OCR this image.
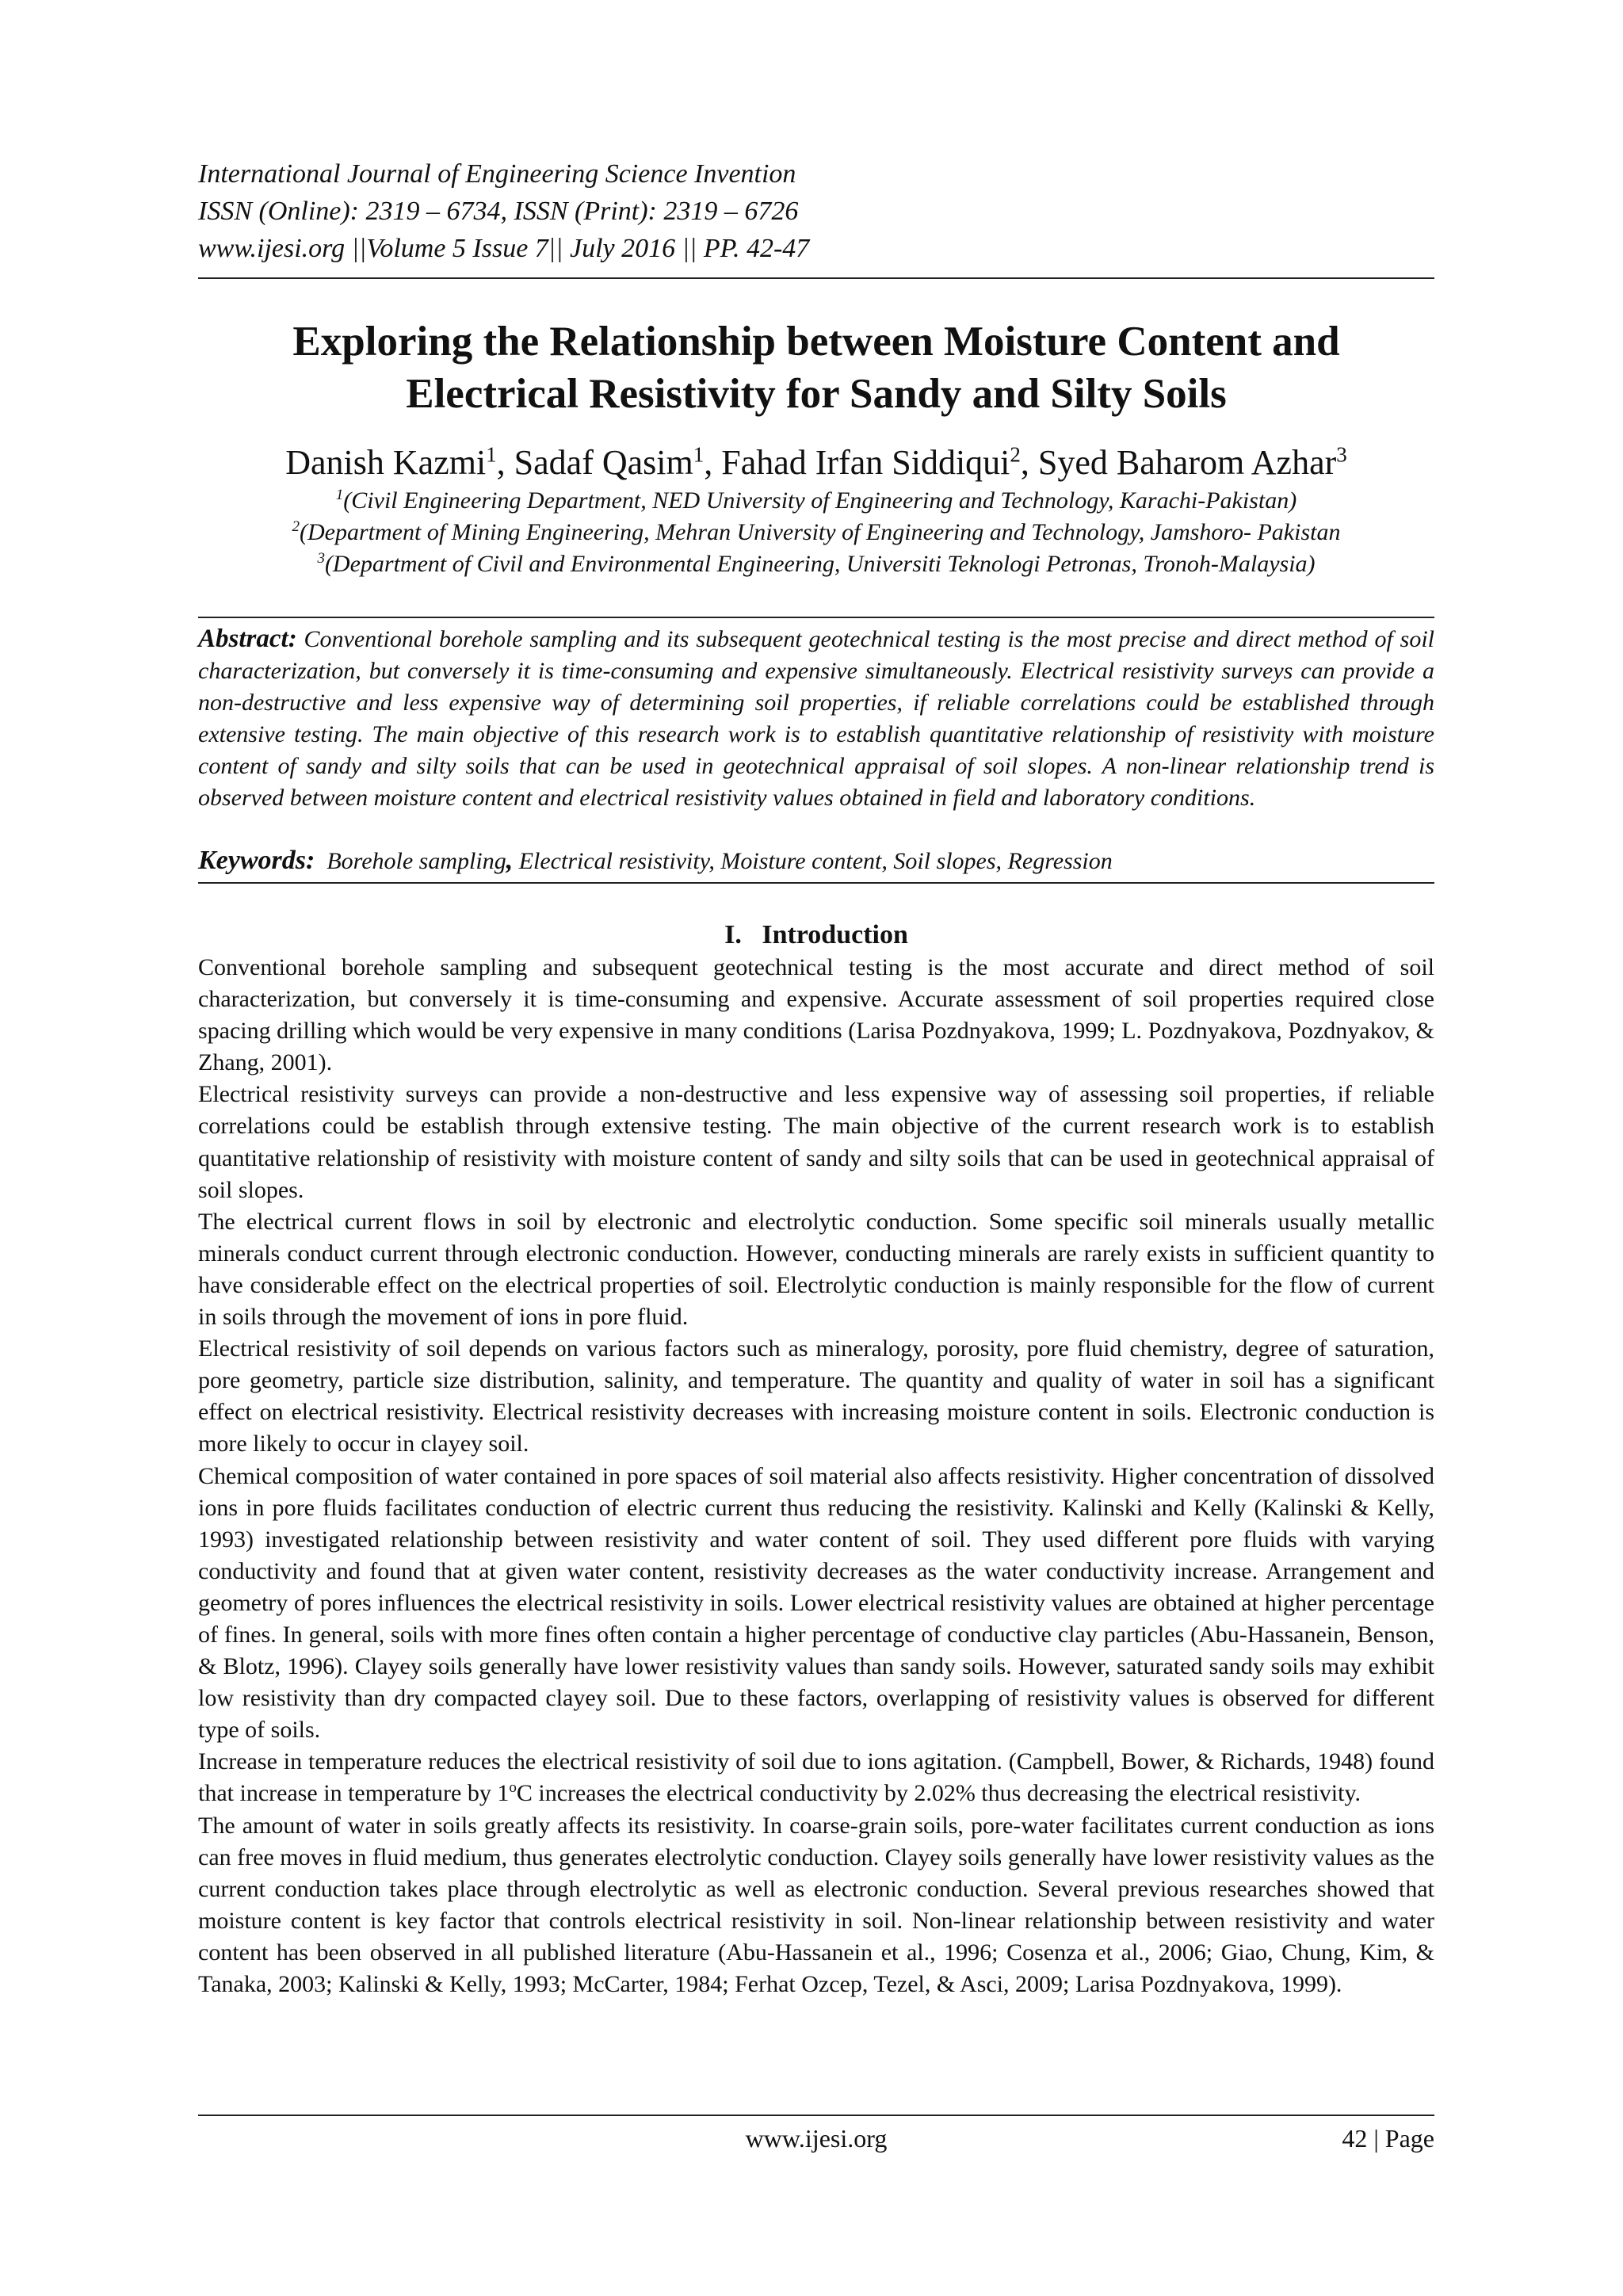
International Journal of Engineering Science Invention
ISSN (Online): 2319 – 6734, ISSN (Print): 2319 – 6726
www.ijesi.org ||Volume 5 Issue 7|| July 2016 || PP. 42-47
Exploring the Relationship between Moisture Content and
Electrical Resistivity for Sandy and Silty Soils
Danish Kazmi$^1$, Sadaf Qasim$^1$, Fahad Irfan Siddiqui$^2$, Syed Baharom Azhar$^3$
$^1$(Civil Engineering Department, NED University of Engineering and Technology, Karachi-Pakistan)
$^2$(Department of Mining Engineering, Mehran University of Engineering and Technology, Jamshoro- Pakistan
$^3$(Department of Civil and Environmental Engineering, Universiti Teknologi Petronas, Tronoh-Malaysia)
Abstract: Conventional borehole sampling and its subsequent geotechnical testing is the most precise and direct method of soil characterization, but conversely it is time-consuming and expensive simultaneously. Electrical resistivity surveys can provide a non-destructive and less expensive way of determining soil properties, if reliable correlations could be established through extensive testing. The main objective of this research work is to establish quantitative relationship of resistivity with moisture content of sandy and silty soils that can be used in geotechnical appraisal of soil slopes. A non-linear relationship trend is observed between moisture content and electrical resistivity values obtained in field and laboratory conditions.
Keywords: Borehole sampling, Electrical resistivity, Moisture content, Soil slopes, Regression
I. Introduction

Conventional borehole sampling and subsequent geotechnical testing is the most accurate and direct method of soil characterization, but conversely it is time-consuming and expensive. Accurate assessment of soil properties required close spacing drilling which would be very expensive in many conditions (Larisa Pozdnyakova, 1999; L. Pozdnyakova, Pozdnyakov, & Zhang, 2001).

Electrical resistivity surveys can provide a non-destructive and less expensive way of assessing soil properties, if reliable correlations could be establish through extensive testing. The main objective of the current research work is to establish quantitative relationship of resistivity with moisture content of sandy and silty soils that can be used in geotechnical appraisal of soil slopes.

The electrical current flows in soil by electronic and electrolytic conduction. Some specific soil minerals usually metallic minerals conduct current through electronic conduction. However, conducting minerals are rarely exists in sufficient quantity to have considerable effect on the electrical properties of soil. Electrolytic conduction is mainly responsible for the flow of current in soils through the movement of ions in pore fluid.

Electrical resistivity of soil depends on various factors such as mineralogy, porosity, pore fluid chemistry, degree of saturation, pore geometry, particle size distribution, salinity, and temperature. The quantity and quality of water in soil has a significant effect on electrical resistivity. Electrical resistivity decreases with increasing moisture content in soils. Electronic conduction is more likely to occur in clayey soil.

Chemical composition of water contained in pore spaces of soil material also affects resistivity. Higher concentration of dissolved ions in pore fluids facilitates conduction of electric current thus reducing the resistivity. Kalinski and Kelly (Kalinski & Kelly, 1993) investigated relationship between resistivity and water content of soil. They used different pore fluids with varying conductivity and found that at given water content, resistivity decreases as the water conductivity increase. Arrangement and geometry of pores influences the electrical resistivity in soils. Lower electrical resistivity values are obtained at higher percentage of fines. In general, soils with more fines often contain a higher percentage of conductive clay particles (Abu-Hassanein, Benson, & Blotz, 1996). Clayey soils generally have lower resistivity values than sandy soils. However, saturated sandy soils may exhibit low resistivity than dry compacted clayey soil. Due to these factors, overlapping of resistivity values is observed for different type of soils.

Increase in temperature reduces the electrical resistivity of soil due to ions agitation. (Campbell, Bower, & Richards, 1948) found that increase in temperature by 1$^o$C increases the electrical conductivity by 2.02% thus decreasing the electrical resistivity.

The amount of water in soils greatly affects its resistivity. In coarse-grain soils, pore-water facilitates current conduction as ions can free moves in fluid medium, thus generates electrolytic conduction. Clayey soils generally have lower resistivity values as the current conduction takes place through electrolytic as well as electronic conduction. Several previous researches showed that moisture content is key factor that controls electrical resistivity in soil. Non-linear relationship between resistivity and water content has been observed in all published literature (Abu-Hassanein et al., 1996; Cosenza et al., 2006; Giao, Chung, Kim, & Tanaka, 2003; Kalinski & Kelly, 1993; McCarter, 1984; Ferhat Ozcep, Tezel, & Asci, 2009; Larisa Pozdnyakova, 1999).

www.ijesi.org	42 | Page
